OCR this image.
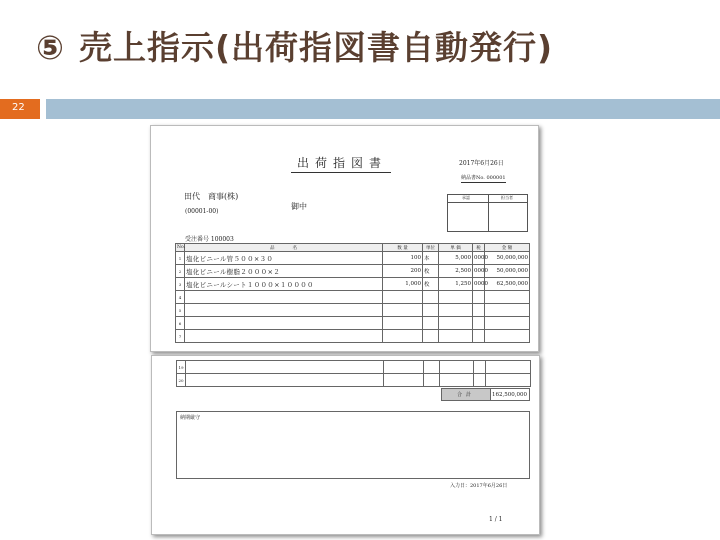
⑤ 売上指示(出荷指図書自動発行)
22
出荷指図書	2017年6月26日
納品書No. 000001
田代　商事(株)
(00001-00)
御中
受注番号 100003
承認	担当者
No.	品　　　　名	数 量	単位	単 価	税	金 額
1	塩化ビニール管５００×３０	100	本	5,000	0000	50,000,000
2	塩化ビニール樹脂２０００×２	200	枚	2,500	0000	50,000,000
3	塩化ビニールシート１０００×１００００	1,000	枚	1,250	0000	62,500,000
4						
5						
6						
7						
19						
20						
合計	162,500,000
納期厳守
入力日：2017年6月26日
1 / 1
